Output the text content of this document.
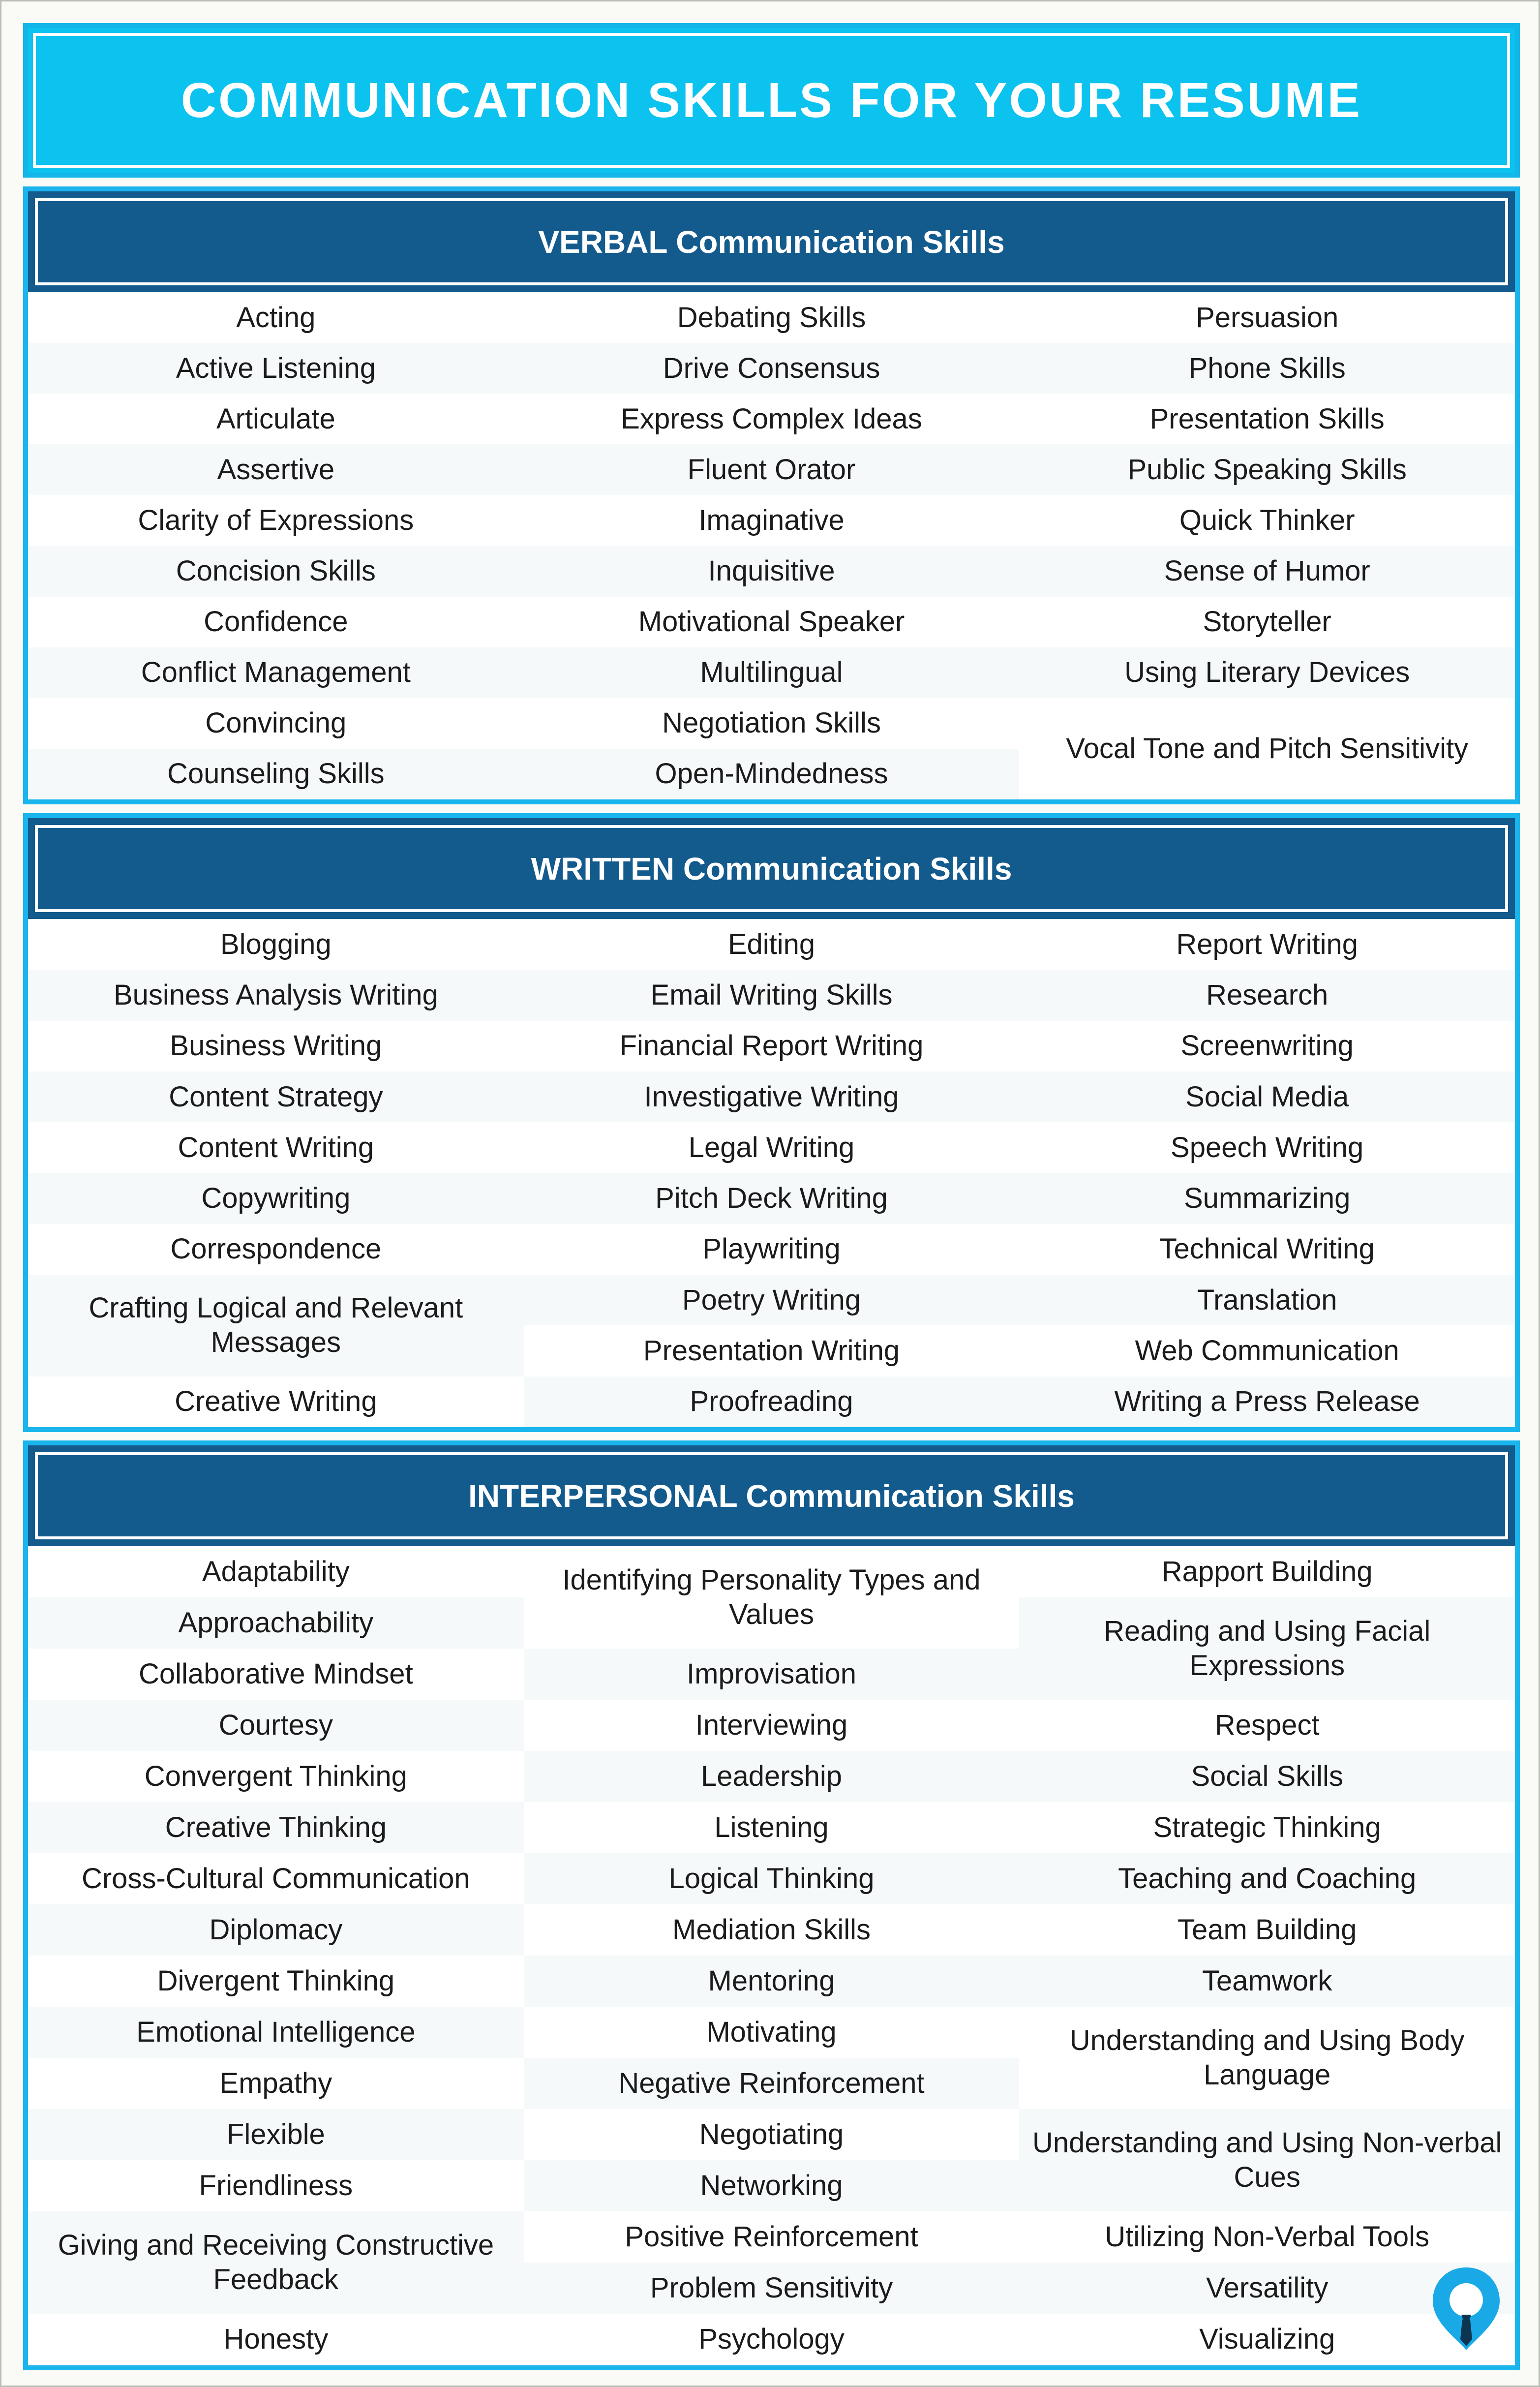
COMMUNICATION SKILLS FOR YOUR RESUME
VERBAL Communication Skills
Acting
Active Listening
Articulate
Assertive
Clarity of Expressions
Concision Skills
Confidence
Conflict Management
Convincing
Counseling Skills
Debating Skills
Drive Consensus
Express Complex Ideas
Fluent Orator
Imaginative
Inquisitive
Motivational Speaker
Multilingual
Negotiation Skills
Open-Mindedness
Persuasion
Phone Skills
Presentation Skills
Public Speaking Skills
Quick Thinker
Sense of Humor
Storyteller
Using Literary Devices
Vocal Tone and Pitch Sensitivity
WRITTEN Communication Skills
Blogging
Business Analysis Writing
Business Writing
Content Strategy
Content Writing
Copywriting
Correspondence
Crafting Logical and Relevant Messages
Creative Writing
Editing
Email Writing Skills
Financial Report Writing
Investigative Writing
Legal Writing
Pitch Deck Writing
Playwriting
Poetry Writing
Presentation Writing
Proofreading
Report Writing
Research
Screenwriting
Social Media
Speech Writing
Summarizing
Technical Writing
Translation
Web Communication
Writing a Press Release
INTERPERSONAL Communication Skills
Adaptability
Approachability
Collaborative Mindset
Courtesy
Convergent Thinking
Creative Thinking
Cross-Cultural Communication
Diplomacy
Divergent Thinking
Emotional Intelligence
Empathy
Flexible
Friendliness
Giving and Receiving Constructive Feedback
Honesty
Identifying Personality Types and Values
Improvisation
Interviewing
Leadership
Listening
Logical Thinking
Mediation Skills
Mentoring
Motivating
Negative Reinforcement
Negotiating
Networking
Positive Reinforcement
Problem Sensitivity
Psychology
Rapport Building
Reading and Using Facial Expressions
Respect
Social Skills
Strategic Thinking
Teaching and Coaching
Team Building
Teamwork
Understanding and Using Body Language
Understanding and Using Non-verbal Cues
Utilizing Non-Verbal Tools
Versatility
Visualizing
